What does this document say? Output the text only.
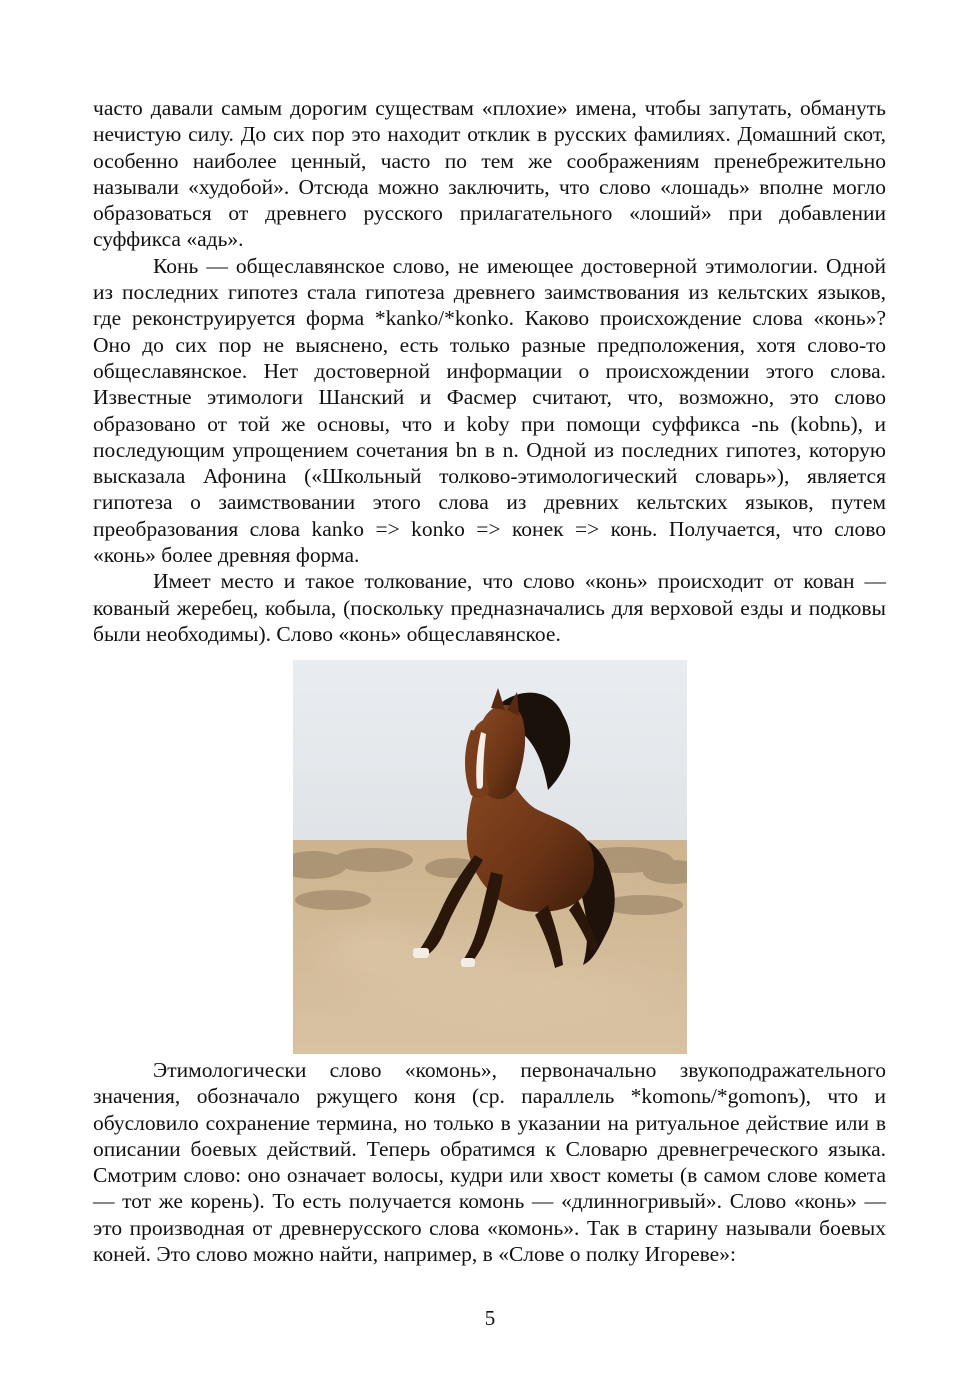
часто давали самым дорогим существам «плохие» имена, чтобы запутать, обмануть нечистую силу. До сих пор это находит отклик в русских фамилиях. Домашний скот, особенно наиболее ценный, часто по тем же соображениям пренебрежительно называли «худобой». Отсюда можно заключить, что слово «лошадь» вполне могло образоваться от древнего русского прилагательного «лоший» при добавлении суффикса «адь».

Конь — общеславянское слово, не имеющее достоверной этимологии. Одной из последних гипотез стала гипотеза древнего заимствования из кельтских языков, где реконструируется форма *kanko/*konko. Каково происхождение слова «конь»? Оно до сих пор не выяснено, есть только разные предположения, хотя слово-то общеславянское. Нет достоверной информации о происхождении этого слова. Известные этимологи Шанский и Фасмер считают, что, возможно, это слово образовано от той же основы, что и koby при помощи суффикса -nь (kobnь), и последующим упрощением сочетания bn в n. Одной из последних гипотез, которую высказала Афонина («Школьный толково-этимологический словарь»), является гипотеза о заимствовании этого слова из древних кельтских языков, путем преобразования слова kanko => konko => конек => конь. Получается, что слово «конь» более древняя форма.

Имеет место и такое толкование, что слово «конь» происходит от кован — кованый жеребец, кобыла, (поскольку предназначались для верховой езды и подковы были необходимы). Слово «конь» общеславянское.

Этимологически слово «комонь», первоначально звукоподражательного значения, обозначало ржущего коня (ср. параллель *komonь/*gomonъ), что и обусловило сохранение термина, но только в указании на ритуальное действие или в описании боевых действий. Теперь обратимся к Словарю древнегреческого языка. Смотрим слово: оно означает волосы, кудри или хвост кометы (в самом слове комета — тот же корень). То есть получается комонь — «длинногривый». Слово «конь» — это производная от древнерусского слова «комонь». Так в старину называли боевых коней. Это слово можно найти, например, в «Слове о полку Игореве»:

5
